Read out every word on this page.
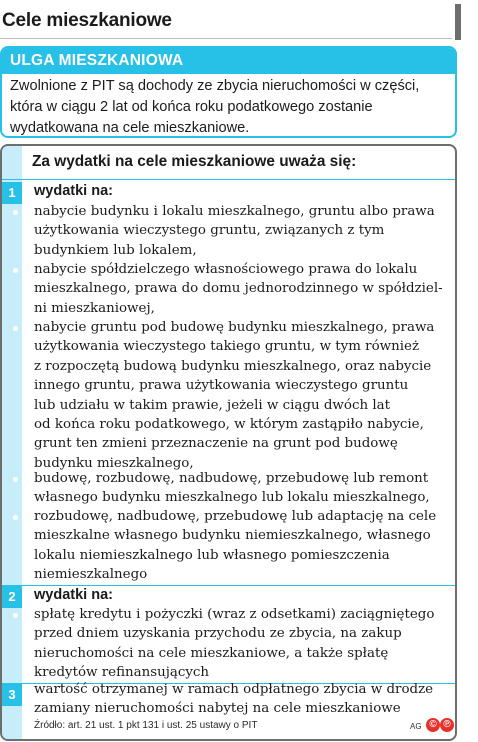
Cele mieszkaniowe
ULGA MIESZKANIOWA
Zwolnione z PIT są dochody ze zbycia nieruchomości w części,
która w ciągu 2 lat od końca roku podatkowego zostanie
wydatkowana na cele mieszkaniowe.
Za wydatki na cele mieszkaniowe uważa się:
1	wydatki na:
nabycie budynku i lokalu mieszkalnego, gruntu albo prawa
użytkowania wieczystego gruntu, związanych z tym
budynkiem lub lokalem,
nabycie spółdzielczego własnościowego prawa do lokalu
mieszkalnego, prawa do domu jednorodzinnego w spółdziel-
ni mieszkaniowej,
nabycie gruntu pod budowę budynku mieszkalnego, prawa
użytkowania wieczystego takiego gruntu, w tym również
z rozpoczętą budową budynku mieszkalnego, oraz nabycie
innego gruntu, prawa użytkowania wieczystego gruntu
lub udziału w takim prawie, jeżeli w ciągu dwóch lat
od końca roku podatkowego, w którym zastąpiło nabycie,
grunt ten zmieni przeznaczenie na grunt pod budowę
budynku mieszkalnego,
budowę, rozbudowę, nadbudowę, przebudowę lub remont
własnego budynku mieszkalnego lub lokalu mieszkalnego,
rozbudowę, nadbudowę, przebudowę lub adaptację na cele
mieszkalne własnego budynku niemieszkalnego, własnego
lokalu niemieszkalnego lub własnego pomieszczenia
niemieszkalnego
2	wydatki na:
spłatę kredytu i pożyczki (wraz z odsetkami) zaciągniętego
przed dniem uzyskania przychodu ze zbycia, na zakup
nieruchomości na cele mieszkaniowe, a także spłatę
kredytów refinansujących
3	wartość otrzymanej w ramach odpłatnego zbycia w drodze
zamiany nieruchomości nabytej na cele mieszkaniowe
Źródło: art. 21 ust. 1 pkt 131 i ust. 25 ustawy o PIT	AG © ℗
